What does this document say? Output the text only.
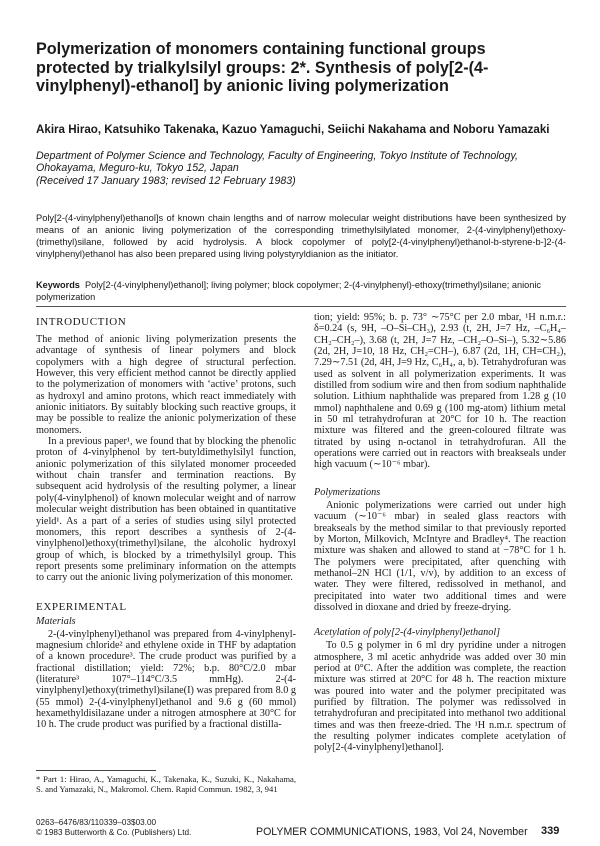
Polymerization of monomers containing functional groups protected by trialkylsilyl groups: 2*. Synthesis of poly[2-(4-vinylphenyl)-ethanol] by anionic living polymerization
Akira Hirao, Katsuhiko Takenaka, Kazuo Yamaguchi, Seiichi Nakahama and Noboru Yamazaki
Department of Polymer Science and Technology, Faculty of Engineering, Tokyo Institute of Technology, Ohokayama, Meguro-ku, Tokyo 152, Japan
(Received 17 January 1983; revised 12 February 1983)
Poly[2-(4-vinylphenyl)ethanol]s of known chain lengths and of narrow molecular weight distributions have been synthesized by means of an anionic living polymerization of the corresponding trimethylsilylated monomer, 2-(4-vinylphenyl)ethoxy-(trimethyl)silane, followed by acid hydrolysis. A block copolymer of poly[2-(4-vinylphenyl)ethanol-b-styrene-b-]2-(4-vinylphenyl)ethanol has also been prepared using living polystyryldianion as the initiator.
Keywords Poly[2-(4-vinylphenyl)ethanol]; living polymer; block copolymer; 2-(4-vinylphenyl)-ethoxy(trimethyl)silane; anionic polymerization
INTRODUCTION

The method of anionic living polymerization presents the advantage of synthesis of linear polymers and block copolymers with a high degree of structural perfection. However, this very efficient method cannot be directly applied to the polymerization of monomers with ‘active’ protons, such as hydroxyl and amino protons, which react immediately with anionic initiators. By suitably blocking such reactive groups, it may be possible to realize the anionic polymerization of these monomers.

In a previous paper¹, we found that by blocking the phenolic proton of 4-vinylphenol by tert-butyldimethylsilyl function, anionic polymerization of this silylated monomer proceeded without chain transfer and termination reactions. By subsequent acid hydrolysis of the resulting polymer, a linear poly(4-vinylphenol) of known molecular weight and of narrow molecular weight distribution has been obtained in quantitative yield¹. As a part of a series of studies using silyl protected monomers, this report describes a synthesis of 2-(4-vinylphenol)ethoxy(trimethyl)silane, the alcoholic hydroxyl group of which, is blocked by a trimethylsilyl group. This report presents some preliminary information on the attempts to carry out the anionic living polymerization of this monomer.

EXPERIMENTAL
Materials

2-(4-vinylphenyl)ethanol was prepared from 4-vinylphenyl-magnesium chloride² and ethylene oxide in THF by adaptation of a known procedure³. The crude product was purified by a fractional distillation; yield: 72%; b.p. 80°C/2.0 mbar (literature³ 107°–114°C/3.5 mmHg). 2-(4-vinylphenyl)ethoxy(trimethyl)silane(I) was prepared from 8.0 g (55 mmol) 2-(4-vinylphenyl)ethanol and 9.6 g (60 mmol) hexamethyldisilazane under a nitrogen atmosphere at 30°C for 10 h. The crude product was purified by a fractional distilla-

* Part 1: Hirao, A., Yamaguchi, K., Takenaka, K., Suzuki, K., Nakahama, S. and Yamazaki, N., Makromol. Chem. Rapid Commun. 1982, 3, 941

tion; yield: 95%; b. p. 73° ∼75°C per 2.0 mbar, ¹H n.m.r.: δ=0.24 (s, 9H, –O–Si–CH₃), 2.93 (t, 2H, J=7 Hz, –C₆H₄–CH₂–CH₂–), 3.68 (t, 2H, J=7 Hz, –CH₂–O–Si–), 5.32∼5.86 (2d, 2H, J=10, 18 Hz, CH₂=CH–), 6.87 (2d, 1H, CH=CH₂), 7.29∼7.51 (2d, 4H, J=9 Hz, C₆H₄, a, b). Tetrahydrofuran was used as solvent in all polymerization experiments. It was distilled from sodium wire and then from sodium naphthalide solution. Lithium naphthalide was prepared from 1.28 g (10 mmol) naphthalene and 0.69 g (100 mg-atom) lithium metal in 50 ml tetrahydrofuran at 20°C for 10 h. The reaction mixture was filtered and the green-coloured filtrate was titrated by using n-octanol in tetrahydrofuran. All the operations were carried out in reactors with breakseals under high vacuum (∼10⁻⁶ mbar).

Polymerizations

Anionic polymerizations were carried out under high vacuum (∼10⁻⁶ mbar) in sealed glass reactors with breakseals by the method similar to that previously reported by Morton, Milkovich, McIntyre and Bradley⁴. The reaction mixture was shaken and allowed to stand at −78°C for 1 h. The polymers were precipitated, after quenching with methanol–2N HCl (1/1, v/v), by addition to an excess of water. They were filtered, redissolved in methanol, and precipitated into water two additional times and were dissolved in dioxane and dried by freeze-drying.

Acetylation of poly[2-(4-vinylphenyl)ethanol]

To 0.5 g polymer in 6 ml dry pyridine under a nitrogen atmosphere, 3 ml acetic anhydride was added over 30 min period at 0°C. After the addition was complete, the reaction mixture was stirred at 20°C for 48 h. The reaction mixture was poured into water and the polymer precipitated was purified by filtration. The polymer was redissolved in tetrahydrofuran and precipitated into methanol two additional times and was then freeze-dried. The ¹H n.m.r. spectrum of the resulting polymer indicates complete acetylation of poly[2-(4-vinylphenyl)ethanol].

0263–6476/83/110339–03$03.00
© 1983 Butterworth & Co. (Publishers) Ltd.	POLYMER COMMUNICATIONS, 1983, Vol 24, November 339
